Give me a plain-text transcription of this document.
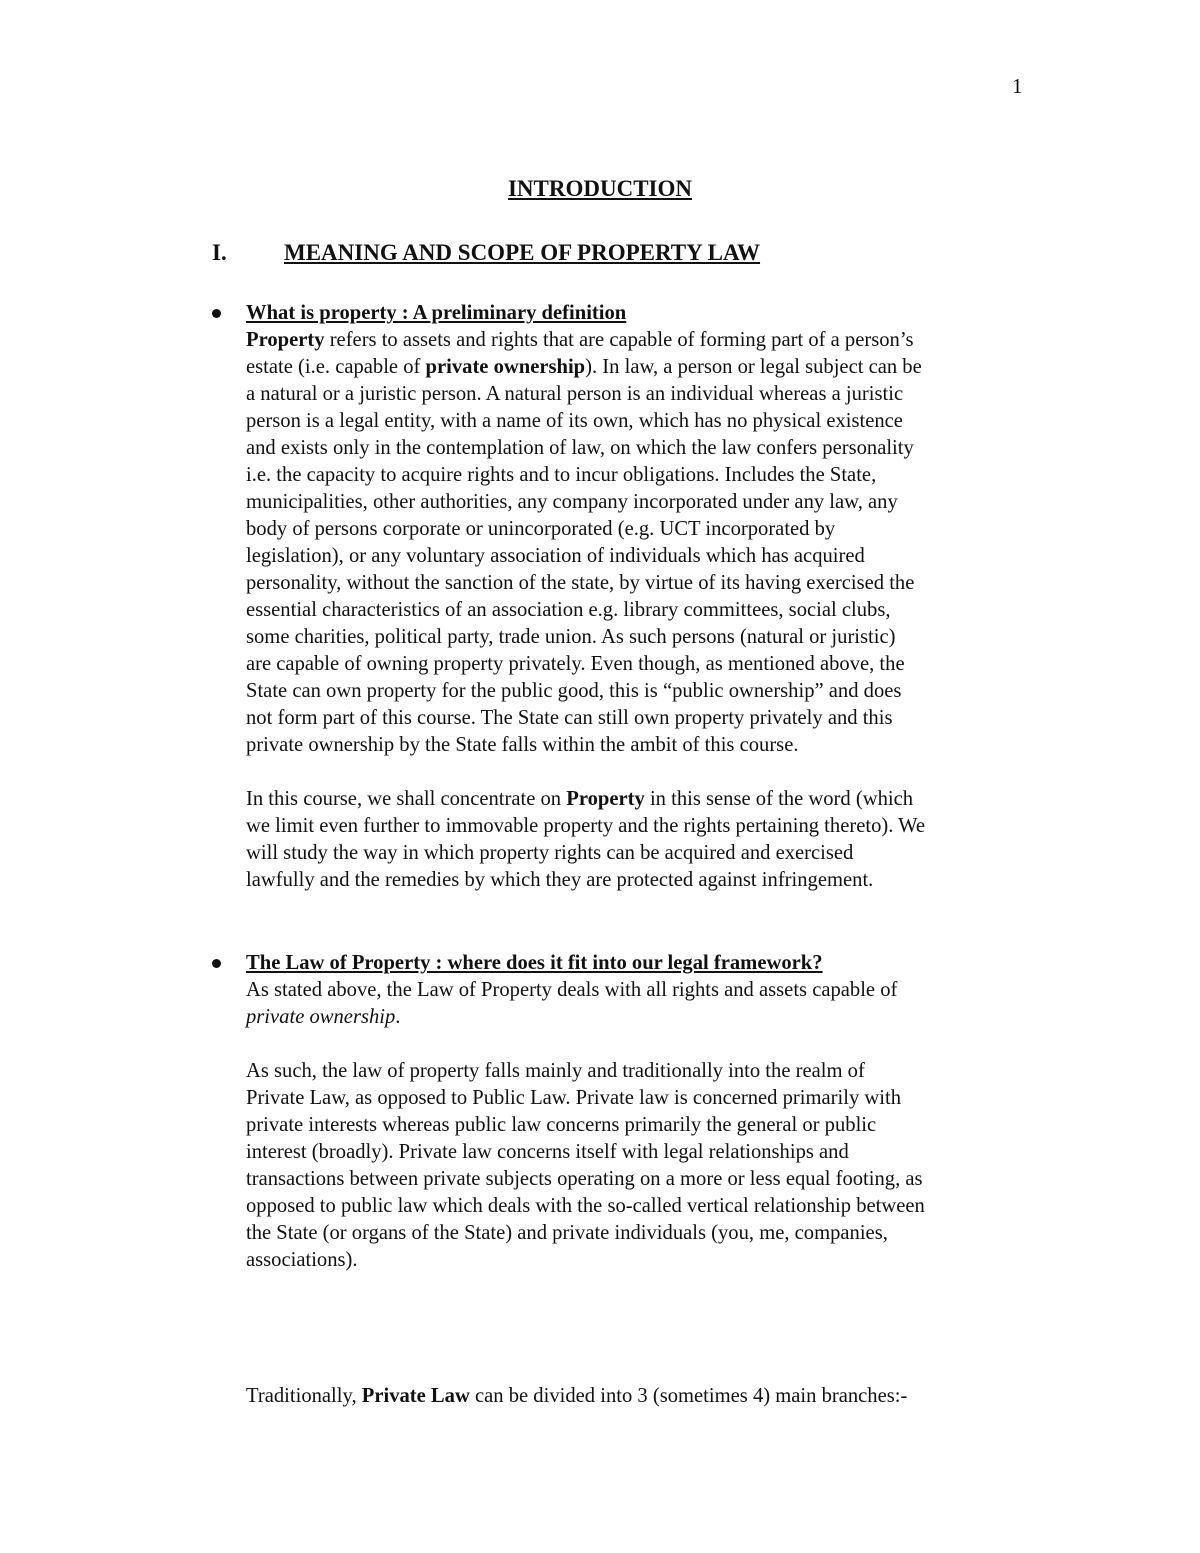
1
INTRODUCTION
I. MEANING AND SCOPE OF PROPERTY LAW
What is property : A preliminary definition
Property refers to assets and rights that are capable of forming part of a person’s
estate (i.e. capable of private ownership). In law, a person or legal subject can be
a natural or a juristic person. A natural person is an individual whereas a juristic
person is a legal entity, with a name of its own, which has no physical existence
and exists only in the contemplation of law, on which the law confers personality
i.e. the capacity to acquire rights and to incur obligations. Includes the State,
municipalities, other authorities, any company incorporated under any law, any
body of persons corporate or unincorporated (e.g. UCT incorporated by
legislation), or any voluntary association of individuals which has acquired
personality, without the sanction of the state, by virtue of its having exercised the
essential characteristics of an association e.g. library committees, social clubs,
some charities, political party, trade union. As such persons (natural or juristic)
are capable of owning property privately. Even though, as mentioned above, the
State can own property for the public good, this is “public ownership” and does
not form part of this course. The State can still own property privately and this
private ownership by the State falls within the ambit of this course.
In this course, we shall concentrate on Property in this sense of the word (which
we limit even further to immovable property and the rights pertaining thereto). We
will study the way in which property rights can be acquired and exercised
lawfully and the remedies by which they are protected against infringement.
The Law of Property : where does it fit into our legal framework?
As stated above, the Law of Property deals with all rights and assets capable of
private ownership.
As such, the law of property falls mainly and traditionally into the realm of
Private Law, as opposed to Public Law. Private law is concerned primarily with
private interests whereas public law concerns primarily the general or public
interest (broadly). Private law concerns itself with legal relationships and
transactions between private subjects operating on a more or less equal footing, as
opposed to public law which deals with the so-called vertical relationship between
the State (or organs of the State) and private individuals (you, me, companies,
associations).
Traditionally, Private Law can be divided into 3 (sometimes 4) main branches:-
